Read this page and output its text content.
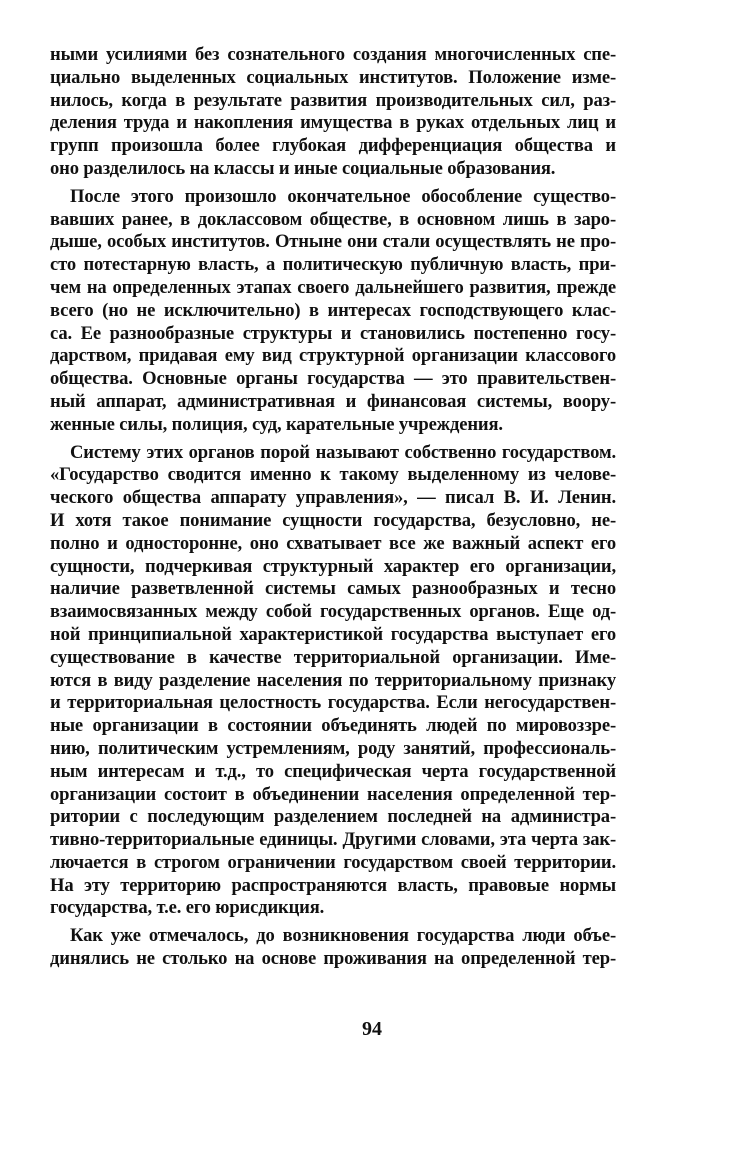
ными усилиями без сознательного создания многочисленных спе-
циально выделенных социальных институтов. Положение изме-
нилось, когда в результате развития производительных сил, раз-
деления труда и накопления имущества в руках отдельных лиц и
групп произошла более глубокая дифференциация общества и
оно разделилось на классы и иные социальные образования.
После этого произошло окончательное обособление существо-
вавших ранее, в доклассовом обществе, в основном лишь в заро-
дыше, особых институтов. Отныне они стали осуществлять не про-
сто потестарную власть, а политическую публичную власть, при-
чем на определенных этапах своего дальнейшего развития, прежде
всего (но не исключительно) в интересах господствующего клас-
са. Ее разнообразные структуры и становились постепенно госу-
дарством, придавая ему вид структурной организации классового
общества. Основные органы государства — это правительствен-
ный аппарат, административная и финансовая системы, воору-
женные силы, полиция, суд, карательные учреждения.
Систему этих органов порой называют собственно государством.
«Государство сводится именно к такому выделенному из челове-
ческого общества аппарату управления», — писал В. И. Ленин.
И хотя такое понимание сущности государства, безусловно, не-
полно и односторонне, оно схватывает все же важный аспект его
сущности, подчеркивая структурный характер его организации,
наличие разветвленной системы самых разнообразных и тесно
взаимосвязанных между собой государственных органов. Еще од-
ной принципиальной характеристикой государства выступает его
существование в качестве территориальной организации. Име-
ются в виду разделение населения по территориальному признаку
и территориальная целостность государства. Если негосударствен-
ные организации в состоянии объединять людей по мировоззре-
нию, политическим устремлениям, роду занятий, профессиональ-
ным интересам и т.д., то специфическая черта государственной
организации состоит в объединении населения определенной тер-
ритории с последующим разделением последней на администра-
тивно-территориальные единицы. Другими словами, эта черта зак-
лючается в строгом ограничении государством своей территории.
На эту территорию распространяются власть, правовые нормы
государства, т.е. его юрисдикция.
Как уже отмечалось, до возникновения государства люди объе-
динялись не столько на основе проживания на определенной тер-
94
